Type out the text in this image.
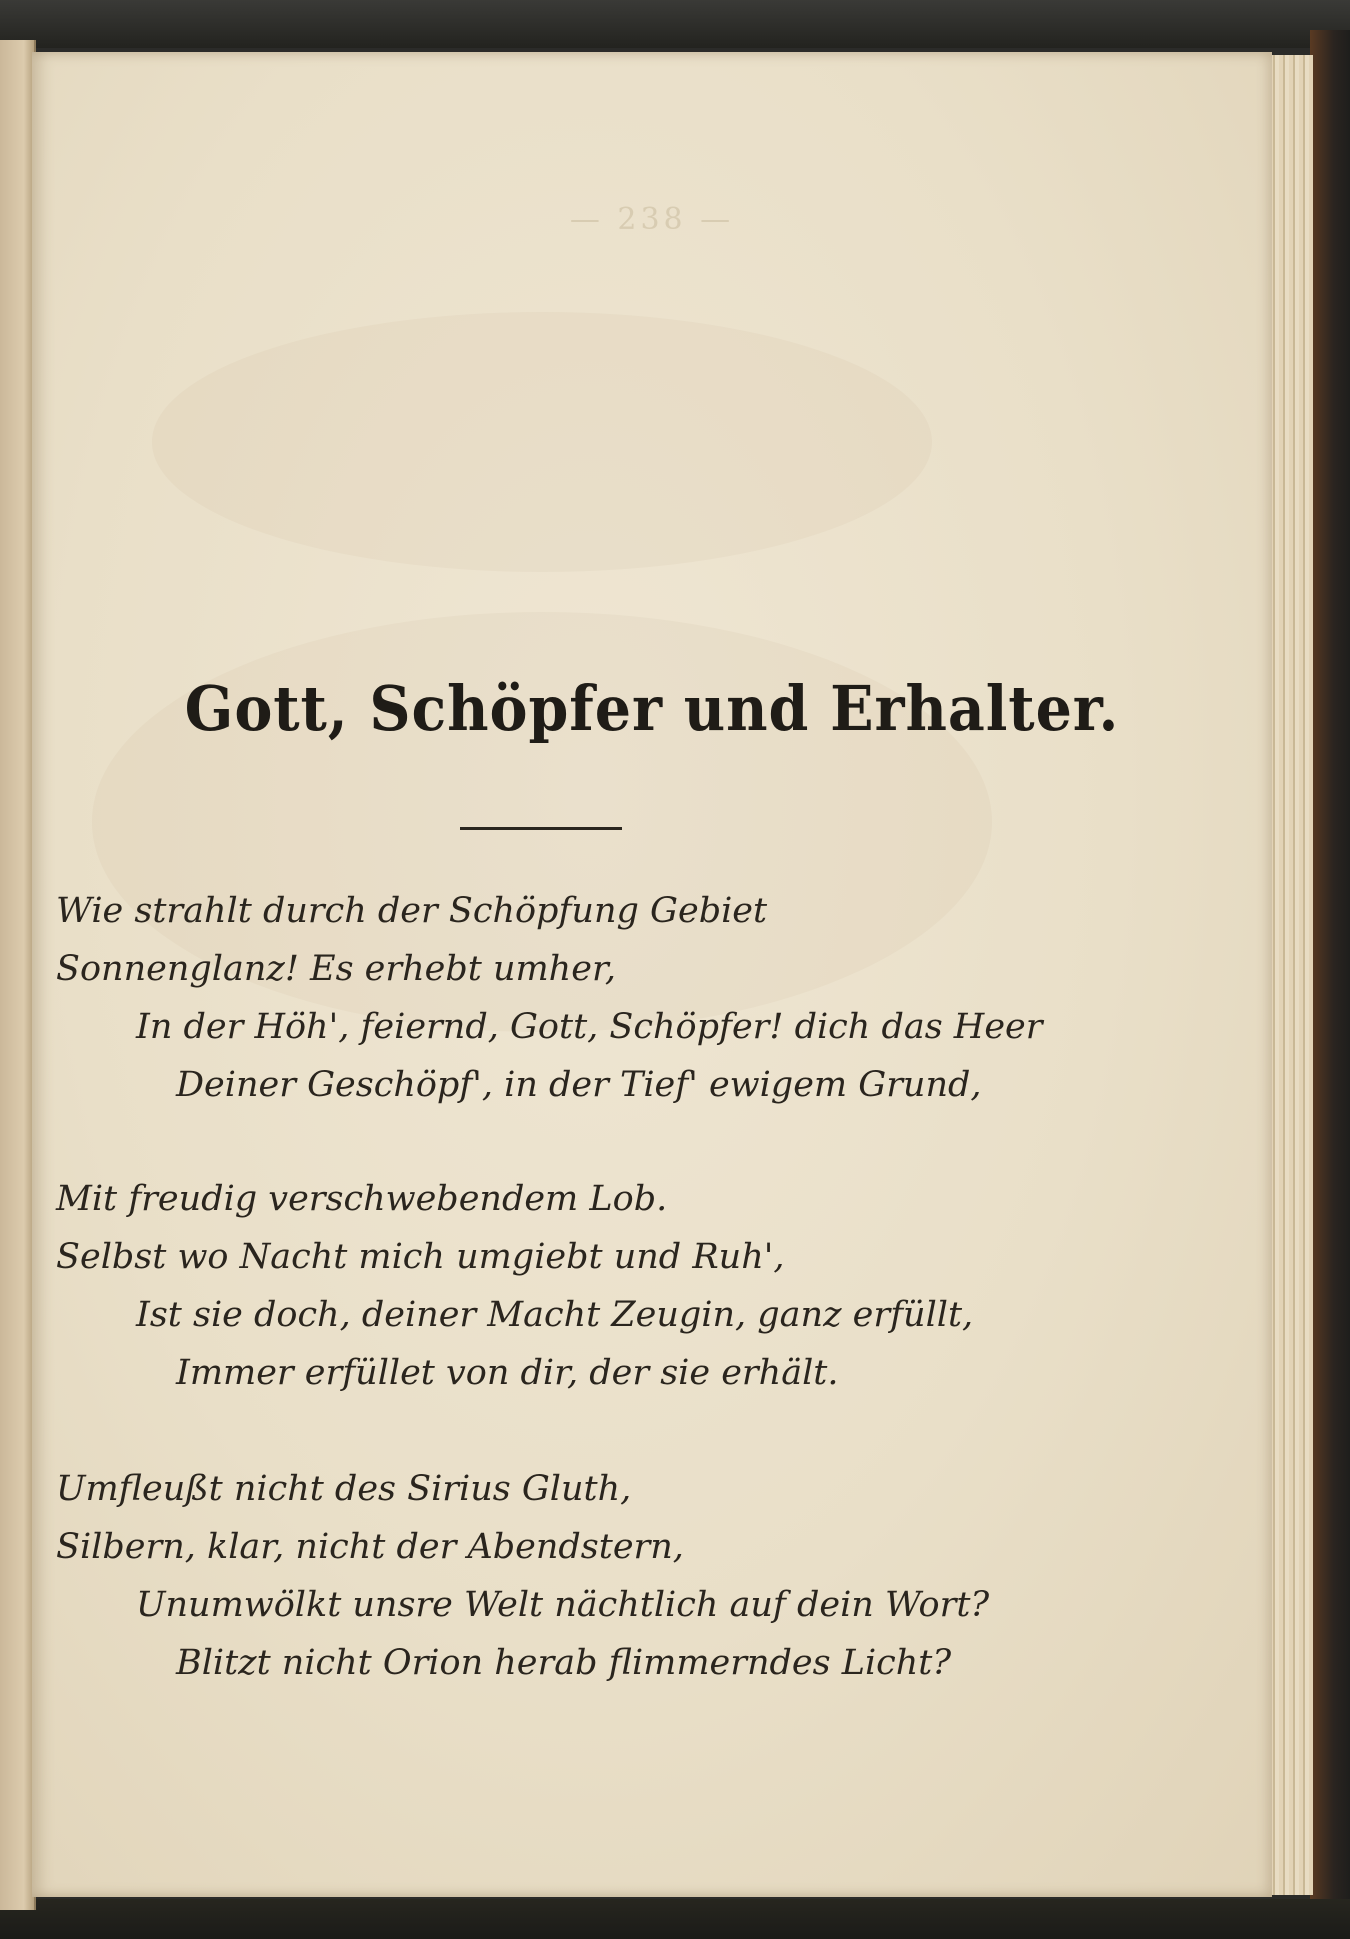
— 238 —
Gott, Schöpfer und Erhalter.
Wie strahlt durch der Schöpfung Gebiet
Sonnenglanz! Es erhebt umher,
In der Höh', feiernd, Gott, Schöpfer! dich das Heer
Deiner Geschöpf', in der Tief' ewigem Grund,
Mit freudig verschwebendem Lob.
Selbst wo Nacht mich umgiebt und Ruh',
Ist sie doch, deiner Macht Zeugin, ganz erfüllt,
Immer erfüllet von dir, der sie erhält.
Umfleußt nicht des Sirius Gluth,
Silbern, klar, nicht der Abendstern,
Unumwölkt unsre Welt nächtlich auf dein Wort?
Blitzt nicht Orion herab flimmerndes Licht?
